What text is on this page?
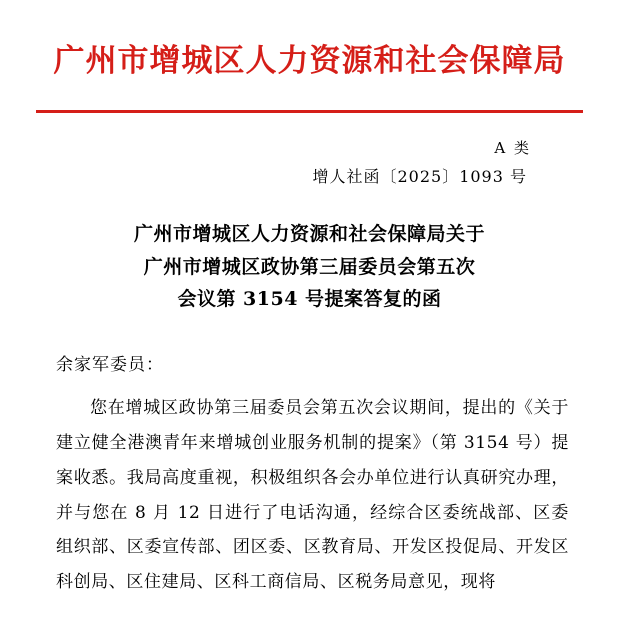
广州市增城区人力资源和社会保障局
A 类
增人社函〔2025〕1093 号
广州市增城区人力资源和社会保障局关于
广州市增城区政协第三届委员会第五次
会议第 3154 号提案答复的函
余家军委员：

您在增城区政协第三届委员会第五次会议期间，提出的《关于建立健全港澳青年来增城创业服务机制的提案》（第 3154 号）提案收悉。我局高度重视，积极组织各会办单位进行认真研究办理，并与您在 8 月 12 日进行了电话沟通，经综合区委统战部、区委组织部、区委宣传部、团区委、区教育局、开发区投促局、开发区科创局、区住建局、区科工商信局、区税务局意见，现将
